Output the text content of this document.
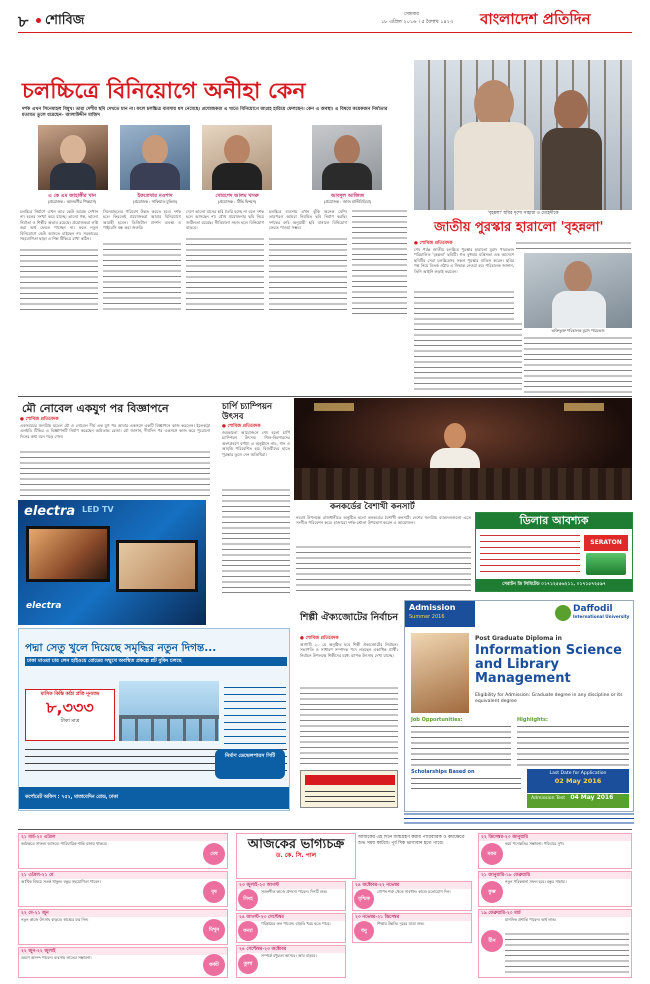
৮ শোবিজ	সোমবার
১৮ এপ্রিল ২০১৬ । ৫ বৈশাখ ১৪২৩ বাংলাদেশ প্রতিদিন
চলচ্চিত্রে বিনিয়োগে অনীহা কেন
দর্শক এখন সিনেমাহল বিমুখ। তারা দেশীয় ছবি দেখতে চান না। ফলে চলচ্চিত্র ব্যবসায় ধস নেমেছে। প্রযোজকরা এ খাতে বিনিয়োগে আগ্রহ হারিয়ে ফেলছেন। কেন এ অবস্থা। এ বিষয়ে কয়েকজন নির্মাতার মতামত তুলে ধরেছেন– আলাউদ্দীন মাজিদ
এ কে এম জাহাঙ্গীর খান
(প্রযোজক : আলমগীর পিকচার্স)
ইফতেখার নওশাদ
(প্রযোজক : সাফিয়াত মুভিজ)
খোরশেদ আলম খসরু
(প্রযোজক : টিভি ফিল্মস)
আবদুল আজিজ
(প্রযোজক : জাজ মাল্টিমিডিয়া)
চলচ্চিত্র নির্মাণে এখন আর কেউ আগ্রহ দেখান না। হলের সংখ্যা কমে যাচ্ছে। ভালো গল্প, ভালো নির্মাতা ও শিল্পীর অভাব রয়েছে। প্রযোজকরা লগ্নি করা অর্থ ফেরত পাচ্ছেন না। ফলে নতুন বিনিয়োগে কেউ আসতে চাইছেন না। সরকারের সহযোগিতা ছাড়া এ শিল্প টিকিয়ে রাখা কঠিন।
সিনেমাহলের পরিবেশ উন্নত করতে হবে। দর্শক হলে ফিরলেই প্রযোজকরা আবার বিনিয়োগে আগ্রহী হবেন। ডিজিটাল প্রদর্শন ব্যবস্থা ও পাইরেসি বন্ধ করা জরুরি।
দেশে ভালো মানের ছবি তৈরি হচ্ছে না বলে দর্শক হলে আসছেন না। যৌথ প্রযোজনার ছবি নিয়ে জটিলতা রয়েছে। নীতিমালা সহজ হলে বিনিয়োগ বাড়বে।
চলচ্চিত্র ব্যবসায় এখন ঝুঁকি অনেক বেশি। তারপরও আমরা নিয়মিত ছবি নির্মাণ করছি। দর্শকের রুচি অনুযায়ী ছবি বানালে বিনিয়োগ ফেরত পাওয়া সম্ভব।
'বৃহন্নলা' ছবির দৃশ্যে সাহারা ও মেহেদীকে
জাতীয় পুরস্কার হারালো 'বৃহন্নলা'
● শোবিজ প্রতিবেদক
শেষ পর্যন্ত জাতীয় চলচ্চিত্র পুরস্কার হারালো মুরাদ পারভেজ পরিচালিত 'বৃহন্নলা' ছবিটি। গত বুধবার মন্ত্রিসভা এক আদেশে ছবিটির সেরা চলচ্চিত্রসহ সকল পুরস্কার বাতিল করেন। ছবির গল্প নিয়ে বিতর্ক ওঠায় এ সিদ্ধান্ত নেওয়া হয়। পরিচালক জানান, তিনি আইনি লড়াই করবেন।
ভক্তিভুক্ত পরিচালক মুরাদ পারভেজ
মৌ নোবেল একযুগ পর বিজ্ঞাপনে
● শোবিজ প্রতিবেদক
একসময়ের জনপ্রিয় মডেল মৌ ও নোবেল দীর্ঘ এক যুগ পর আবার একসঙ্গে একটি বিজ্ঞাপনে কাজ করলেন। ইলেকট্রা এলইডি টিভির এ বিজ্ঞাপনটি নির্মাণ করেছেন অমিতাভ রেজা। মৌ জানান, দীর্ঘদিন পর একসঙ্গে কাজ করে পুরোনো দিনের কথা মনে পড়ে গেল।
electra LED TV
electra
চার্পি চ্যাম্পিয়ন উৎসব
● শোবিজ প্রতিবেদক
জমকালো আয়োজনে শেষ হলো চার্পি চ্যাম্পিয়ন উৎসব। শিশু-কিশোরদের অংশগ্রহণে বর্ণাঢ্য এ অনুষ্ঠানে নাচ, গান ও আবৃত্তি পরিবেশিত হয়। বিজয়ীদের হাতে পুরস্কার তুলে দেন অতিথিরা।
কনকর্ডের বৈশাখী কনসার্ট
নববর্ষ উপলক্ষে রাজধানীতে অনুষ্ঠিত হলো কনকর্ডের বৈশাখী কনসার্ট। দেশের জনপ্রিয় ব্যান্ডদলগুলো এতে সংগীত পরিবেশন করে। হাজারো দর্শক-শ্রোতা উপভোগ করেন এ আয়োজন।	ডিলার আবশ্যক
SERATON
সেরাটন ডি লিমিটেড ০১৭১২৫৫৬২১১, ০১৭১৫৭২৫৯৭
পদ্মা সেতু খুলে দিয়েছে সমৃদ্ধির নতুন দিগন্ত...
ঢাকা মাওয়া চার লেন হাইওয়ে রোডের সম্মুখে অবস্থিত প্রকল্পে প্লট বুকিং চলছে
মাসিক কিস্তি কাঠা প্রতি নূন্যতম
৮,৩৩৩
টাকা মাত্র
নির্মাণ ডেভেলপারস সিটি
কর্পোরেট অফিস : ৭৫২, মাতাবেদিন রোড, ঢাকা
শিল্পী ঐক্যজোটের নির্বাচন
● শোবিজ প্রতিবেদক
আগামী ২০ মে অনুষ্ঠিত হবে শিল্পী ঐক্যজোটের নির্বাচন। সভাপতি ও সাধারণ সম্পাদক পদে লড়ছেন একাধিক প্রার্থী। নির্বাচন উপলক্ষে শিল্পীদের মধ্যে ব্যাপক উৎসাহ দেখা যাচ্ছে।
Admission
Summer 2016
Daffodil
International University
Post Graduate Diploma in
Information Science and Library Management
Eligibility for Admission: Graduate degree in any discipline or its equivalent degree
Job Opportunities:	Highlights:
Scholarships Based on	Last Date for Application
02 May 2016
Admission Test 04 May 2016
আজকের ভাগ্যচক্র
ড. কে. সি. পাল
আজকের এই দিনে জন্মগ্রহণ করায় পারিবারিক ও কর্মক্ষেত্রে শুভ সময় কাটবে। পূর্ব দিক ভাগ্যবান হতে পারে।
২১ মার্চ-২০ এপ্রিল
কর্মক্ষেত্রে সাফল্য আসবে। পারিবারিক শান্তি বজায় থাকবে।
মেষ
২১ এপ্রিল-২১ মে
আর্থিক বিষয়ে সতর্ক থাকুন। বন্ধুর সহযোগিতা পাবেন।
বৃষ
২২ মে-২১ জুন
নতুন কাজে উৎসাহ বাড়বে। স্বাস্থ্যের যত্ন নিন।
মিথুন
২২ জুন-২২ জুলাই
ভ্রমণে আনন্দ পাবেন। ব্যবসায় লাভের সম্ভাবনা।
কর্কট
২৩ জুলাই-২৩ আগস্ট
সৃজনশীল কাজে প্রশংসা পাবেন। দিনটি শুভ।
সিংহ
২৪ আগস্ট-২৩ সেপ্টেম্বর
পরিশ্রমের ফল পাবেন। বাড়তি খরচ হতে পারে।
কন্যা
২৪ সেপ্টেম্বর-২৩ অক্টোবর
সম্পর্কে মধুরতা আসবে। আয় বাড়বে।
তুলা
২৪ অক্টোবর-২২ নভেম্বর
গোপন শত্রু থেকে সাবধান। কাজে মনোযোগ দিন।
বৃশ্চিক
২৩ নভেম্বর-২১ ডিসেম্বর
শিক্ষায় উন্নতি। দূরের যাত্রা শুভ।
ধনু
২২ ডিসেম্বর-২০ জানুয়ারি
কর্মে পদোন্নতির সম্ভাবনা। পরিবারে সুখ।
মকর
২১ জানুয়ারি-১৮ ফেব্রুয়ারি
নতুন পরিকল্পনা সফল হবে। বন্ধুর সাহায্য।
কুম্ভ
১৯ ফেব্রুয়ারি-২০ মার্চ
মানসিক প্রশান্তি পাবেন। অর্থ লাভ।
মীন
